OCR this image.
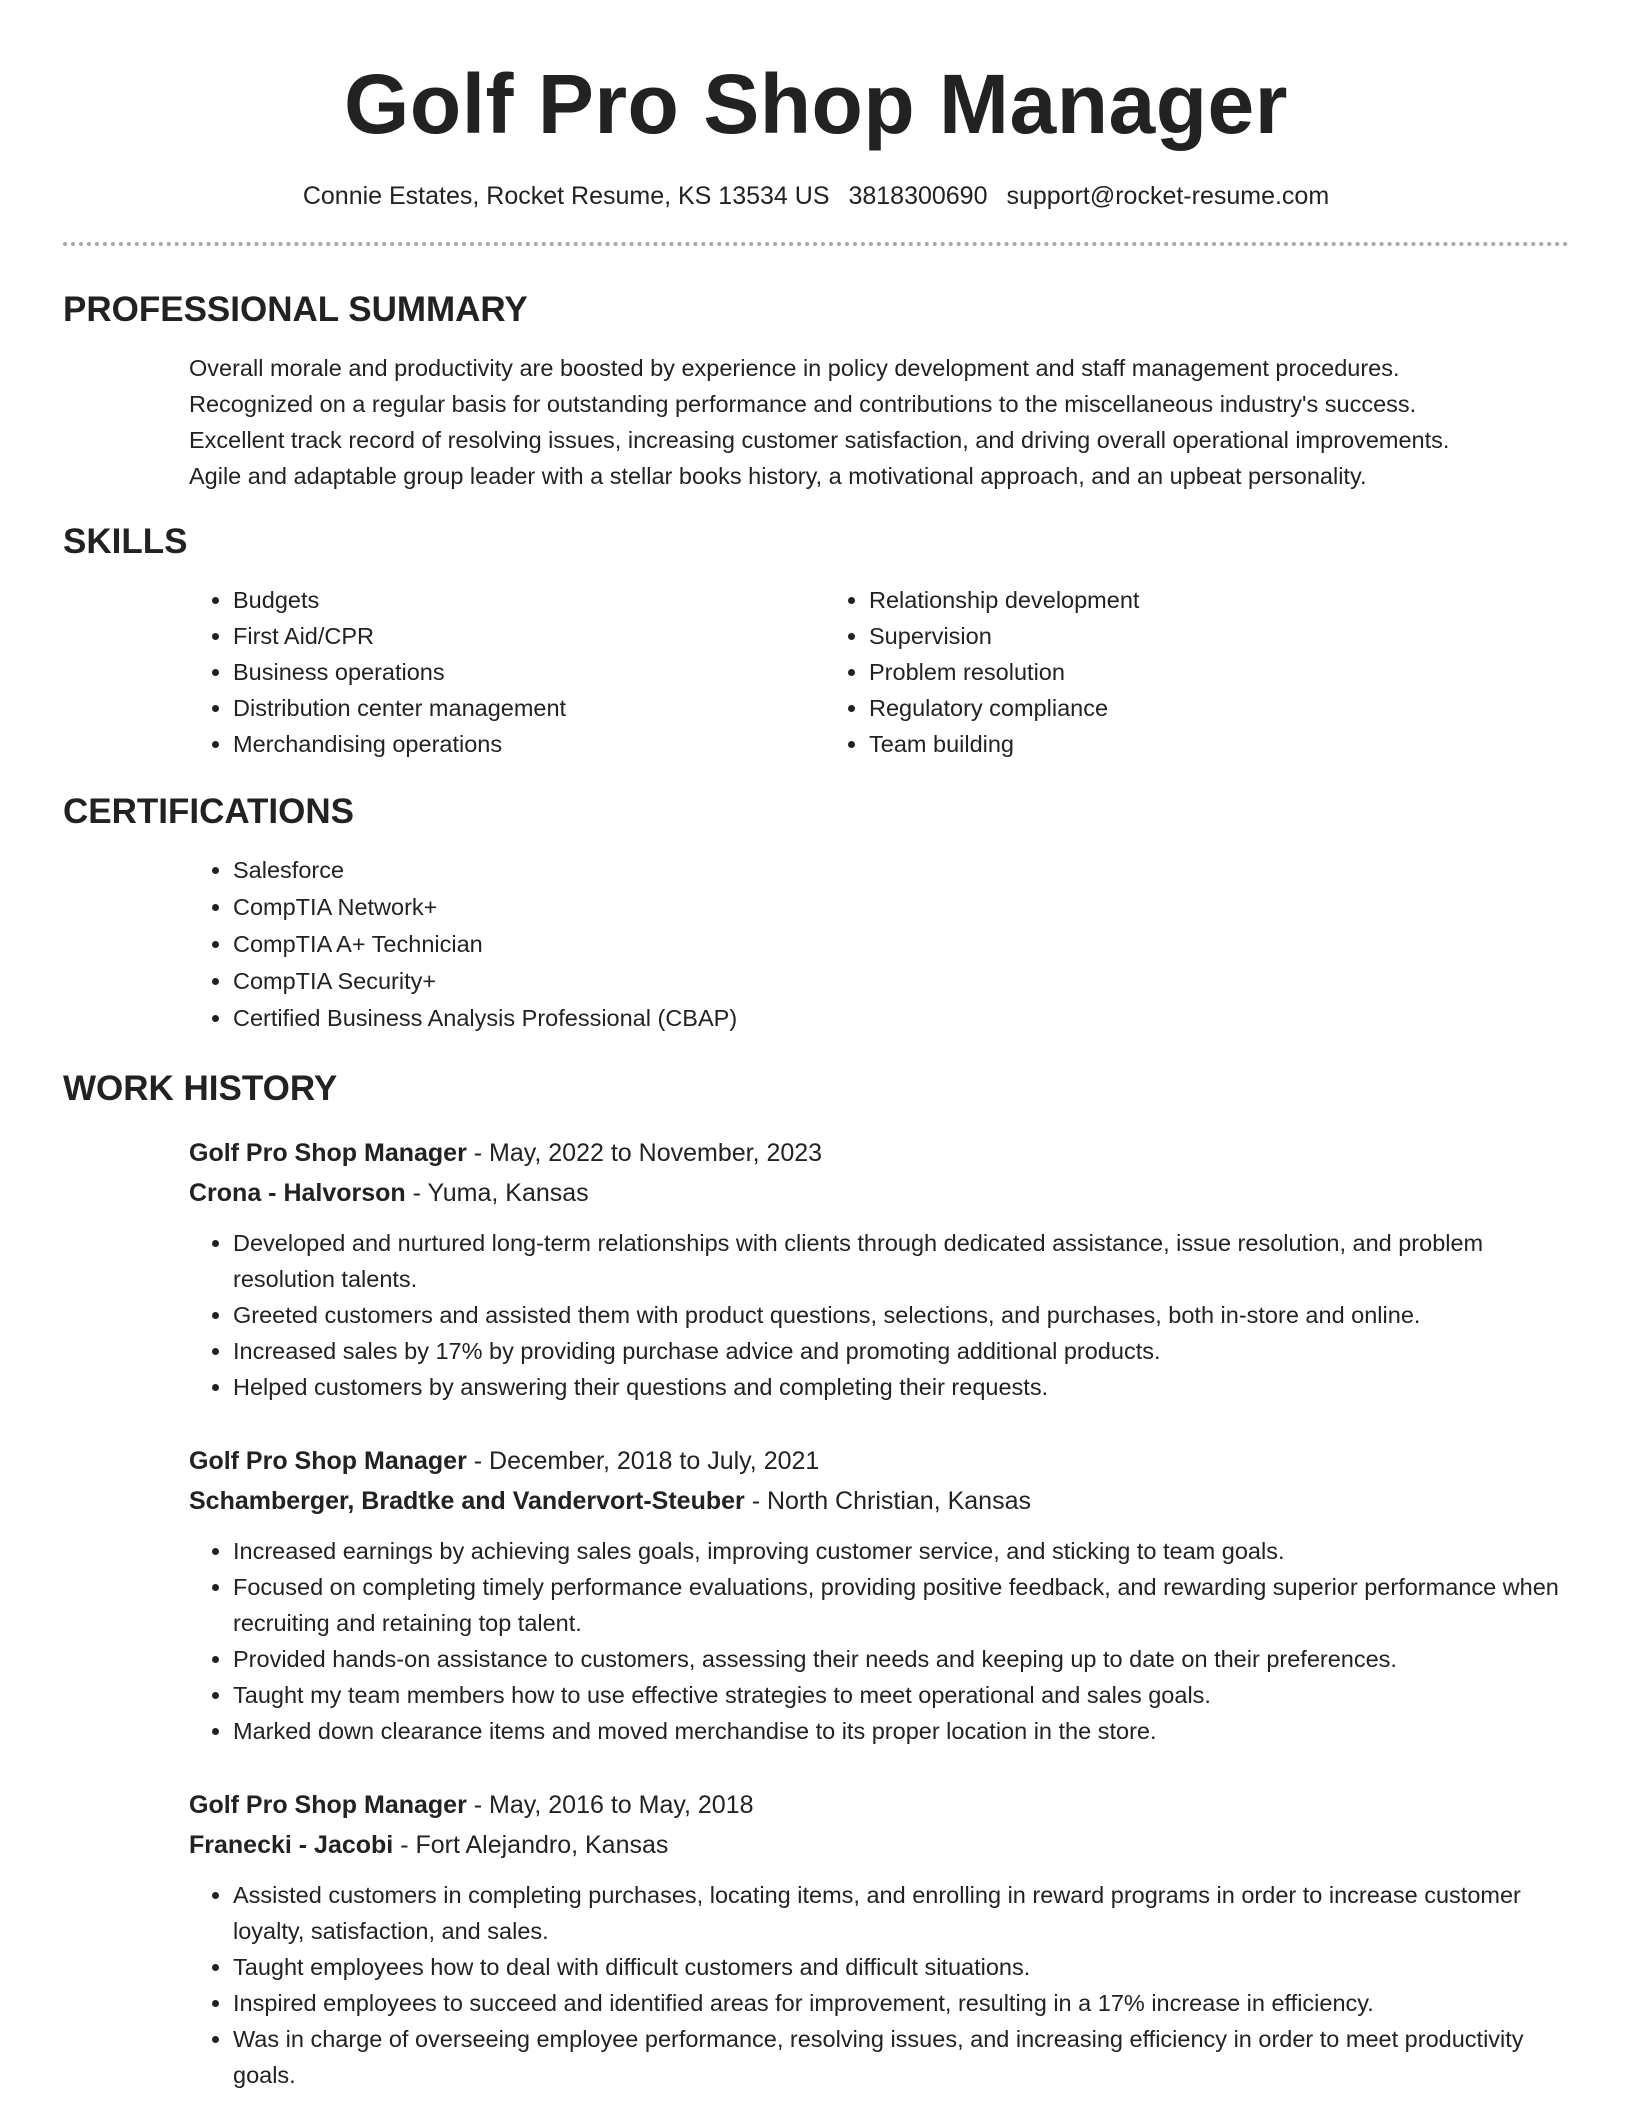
Golf Pro Shop Manager
Connie Estates, Rocket Resume, KS 13534 US 3818300690 support@rocket-resume.com
PROFESSIONAL SUMMARY
Overall morale and productivity are boosted by experience in policy development and staff management procedures.
Recognized on a regular basis for outstanding performance and contributions to the miscellaneous industry's success.
Excellent track record of resolving issues, increasing customer satisfaction, and driving overall operational improvements.
Agile and adaptable group leader with a stellar books history, a motivational approach, and an upbeat personality.
SKILLS
• Budgets
• First Aid/CPR
• Business operations
• Distribution center management
• Merchandising operations
• Relationship development
• Supervision
• Problem resolution
• Regulatory compliance
• Team building
CERTIFICATIONS
• Salesforce
• CompTIA Network+
• CompTIA A+ Technician
• CompTIA Security+
• Certified Business Analysis Professional (CBAP)
WORK HISTORY
Golf Pro Shop Manager - May, 2022 to November, 2023
Crona - Halvorson - Yuma, Kansas
• Developed and nurtured long-term relationships with clients through dedicated assistance, issue resolution, and problem resolution talents.
• Greeted customers and assisted them with product questions, selections, and purchases, both in-store and online.
• Increased sales by 17% by providing purchase advice and promoting additional products.
• Helped customers by answering their questions and completing their requests.
Golf Pro Shop Manager - December, 2018 to July, 2021
Schamberger, Bradtke and Vandervort-Steuber - North Christian, Kansas
• Increased earnings by achieving sales goals, improving customer service, and sticking to team goals.
• Focused on completing timely performance evaluations, providing positive feedback, and rewarding superior performance when recruiting and retaining top talent.
• Provided hands-on assistance to customers, assessing their needs and keeping up to date on their preferences.
• Taught my team members how to use effective strategies to meet operational and sales goals.
• Marked down clearance items and moved merchandise to its proper location in the store.
Golf Pro Shop Manager - May, 2016 to May, 2018
Franecki - Jacobi - Fort Alejandro, Kansas
• Assisted customers in completing purchases, locating items, and enrolling in reward programs in order to increase customer loyalty, satisfaction, and sales.
• Taught employees how to deal with difficult customers and difficult situations.
• Inspired employees to succeed and identified areas for improvement, resulting in a 17% increase in efficiency.
• Was in charge of overseeing employee performance, resolving issues, and increasing efficiency in order to meet productivity goals.
